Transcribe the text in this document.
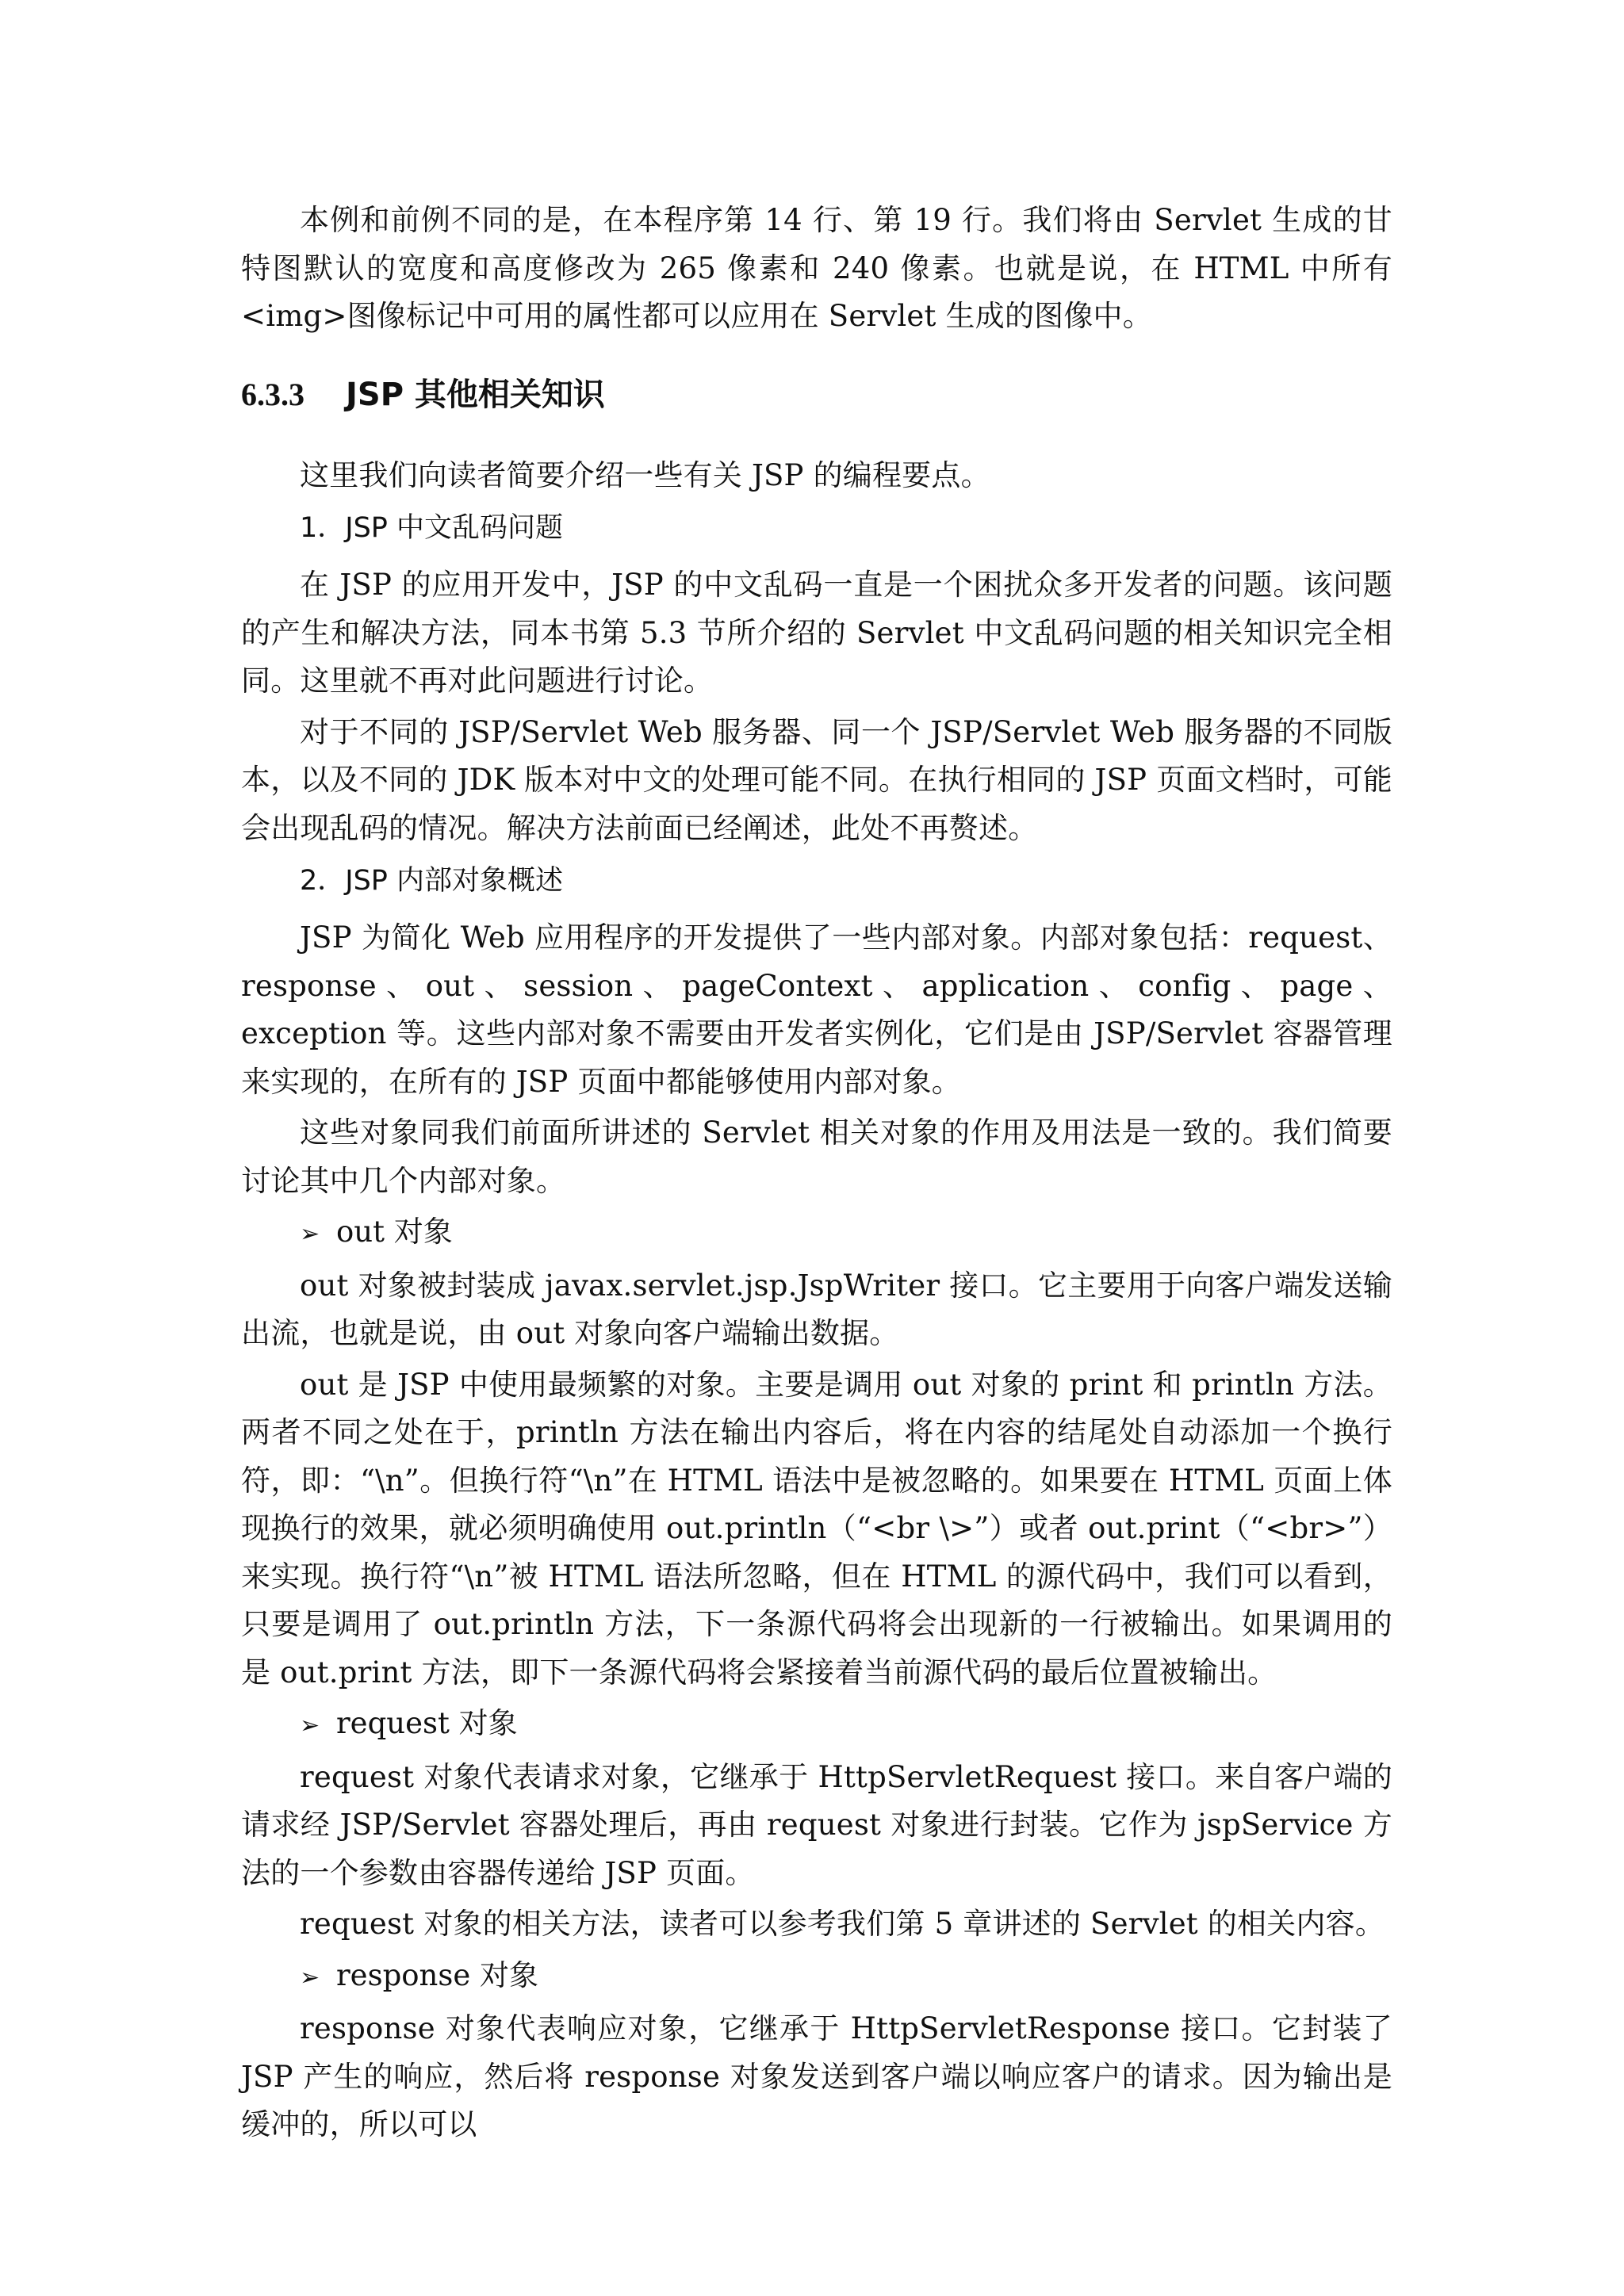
本例和前例不同的是，在本程序第 14 行、第 19 行。我们将由 Servlet 生成的甘特图默认的宽度和高度修改为 265 像素和 240 像素。也就是说，在 HTML 中所有<img>图像标记中可用的属性都可以应用在 Servlet 生成的图像中。

6.3.3 JSP 其他相关知识

这里我们向读者简要介绍一些有关 JSP 的编程要点。

1．JSP 中文乱码问题

在 JSP 的应用开发中，JSP 的中文乱码一直是一个困扰众多开发者的问题。该问题的产生和解决方法，同本书第 5.3 节所介绍的 Servlet 中文乱码问题的相关知识完全相同。这里就不再对此问题进行讨论。

对于不同的 JSP/Servlet Web 服务器、同一个 JSP/Servlet Web 服务器的不同版本，以及不同的 JDK 版本对中文的处理可能不同。在执行相同的 JSP 页面文档时，可能会出现乱码的情况。解决方法前面已经阐述，此处不再赘述。

2．JSP 内部对象概述

JSP 为简化 Web 应用程序的开发提供了一些内部对象。内部对象包括：request、response、out、session、pageContext、application、config、page、exception 等。这些内部对象不需要由开发者实例化，它们是由 JSP/Servlet 容器管理来实现的，在所有的 JSP 页面中都能够使用内部对象。

这些对象同我们前面所讲述的 Servlet 相关对象的作用及用法是一致的。我们简要讨论其中几个内部对象。

➢ out 对象

out 对象被封装成 javax.servlet.jsp.JspWriter 接口。它主要用于向客户端发送输出流，也就是说，由 out 对象向客户端输出数据。

out 是 JSP 中使用最频繁的对象。主要是调用 out 对象的 print 和 println 方法。两者不同之处在于，println 方法在输出内容后，将在内容的结尾处自动添加一个换行符，即：“\n”。但换行符“\n”在 HTML 语法中是被忽略的。如果要在 HTML 页面上体现换行的效果，就必须明确使用 out.println（“<br \>”）或者 out.print（“<br>”）来实现。换行符“\n”被 HTML 语法所忽略，但在 HTML 的源代码中，我们可以看到，只要是调用了 out.println 方法，下一条源代码将会出现新的一行被输出。如果调用的是 out.print 方法，即下一条源代码将会紧接着当前源代码的最后位置被输出。

➢ request 对象

request 对象代表请求对象，它继承于 HttpServletRequest 接口。来自客户端的请求经 JSP/Servlet 容器处理后，再由 request 对象进行封装。它作为 jspService 方法的一个参数由容器传递给 JSP 页面。

request 对象的相关方法，读者可以参考我们第 5 章讲述的 Servlet 的相关内容。

➢ response 对象

response 对象代表响应对象，它继承于 HttpServletResponse 接口。它封装了 JSP 产生的响应，然后将 response 对象发送到客户端以响应客户的请求。因为输出是缓冲的，所以可以
